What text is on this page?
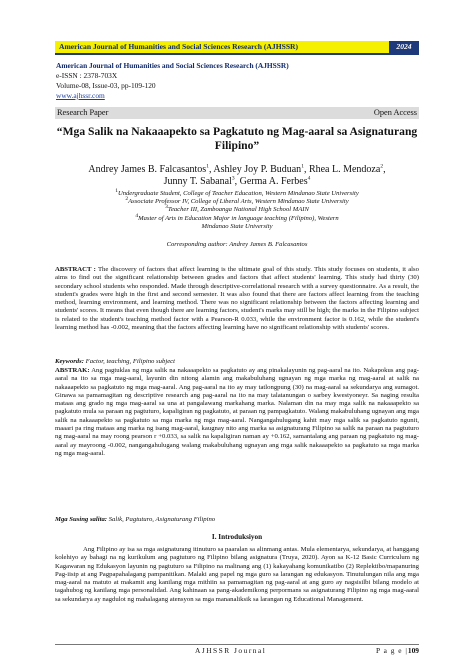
American Journal of Humanities and Social Sciences Research (AJHSSR)	2024
American Journal of Humanities and Social Sciences Research (AJHSSR)
e-ISSN : 2378-703X
Volume-08, Issue-03, pp-109-120
www.ajhssr.com
Research Paper	Open Access
“Mga Salik na Nakaaapekto sa Pagkatuto ng Mag-aaral sa Asignaturang Filipino”
Andrey James B. Falcasantos$^1$, Ashley Joy P. Buduan$^1$, Rhea L. Mendoza$^2$,
Junny T. Sabanal$^3$, Germa A. Ferbes$^4$
$^1$Undergraduate Student, College of Teacher Education, Western Mindanao State University
$^2$Associate Professor IV, College of Liberal Arts, Western Mindanao State University
$^3$Teacher III, Zamboanga National High School MAIN
$^4$Master of Arts in Education Major in language teaching (Filipino), Western
Mindanao State University
Corresponding author: Andrey James B. Falcasantos
ABSTRACT : The discovery of factors that affect learning is the ultimate goal of this study. This study focuses on students, it also aims to find out the significant relationship between grades and factors that affect students' learning. This study had thirty (30) secondary school students who responded. Made through descriptive-correlational research with a survey questionnaire. As a result, the student's grades were high in the first and second semester. It was also found that there are factors affect learning from the teaching method, learning environment, and learning method. There was no significant relationship between the factors affecting learning and students' scores. It means that even though there are learning factors, student's marks may still be high; the marks in the Filipino subject is related to the student's teaching method factor with a Pearson-R 0.033, while the environment factor is 0.162, while the student's learning method has -0.002, meaning that the factors affecting learning have no significant relationship with students' scores.
Keywords: Factor, teaching, Filipino subject
ABSTRAK: Ang pagtuklas ng mga salik na nakaaapekto sa pagkatuto ay ang pinakalayunin ng pag-aaral na ito. Nakapokus ang pag-aaral na ito sa mga mag-aaral, layunin din nitong alamin ang makabuluhang ugnayan ng mga marka ng mag-aaral at salik na nakaaapekto sa pagkatuto ng mga mag-aaral. Ang pag-aaral na ito ay may tatlongpung (30) na mag-aaral sa sekundarya ang sumagot. Ginawa sa pamamagitan ng descriptive research ang pag-aaral na ito na may talatanungan o sarbey kwestyoneyr. Sa naging resulta mataas ang grado ng mga mag-aaral sa una at pangalawang markahang marka. Nalaman din na may mga salik na nakaaapekto sa pagkatuto mula sa paraan ng pagtuturo, kapaligiran ng pagkatuto, at paraan ng pampagkatuto. Walang makabuluhang ugnayan ang mga salik na nakaaapekto sa pagkatuto sa mga marka ng mga mag-aaral. Nangangahulugang kahit may mga salik sa pagkatuto ngunit, maaari pa ring mataas ang marka ng isang mag-aaral, kaugnay nito ang marka sa asignaturang Filipino sa salik na paraan na pagtuturo ng mag-aaral na may roong pearson r +0.033, sa salik na kapaligiran naman ay +0.162, samantalang ang paraan ng pagkatuto ng mag-aaral ay mayroong -0.002, nangangahulugang walang makabuluhang ugnayan ang mga salik nakaaapekto sa pagkatuto sa mga marka ng mga mag-aaral.
Mga Susing salita: Salik, Pagtuturo, Asignaturang Filipino
I. Introduksiyon
Ang Filipino ay isa sa mga asignaturang itinuturo sa paaralan sa alinmang antas. Mula elementarya, sekundarya, at hanggang kolehiyo ay bahagi na ng kurikulum ang pagtuturo ng Filipino bilang asignatura (Truya, 2020). Ayon sa K-12 Basic Curriculum ng Kagawaran ng Edukasyon layunin ng pagtuturo sa Filipino na malinang ang (1) kakayahang komunikatibo (2) Replektibo/mapanuring Pag-iisip at ang Pagpapahalagang pampanitikan. Malaki ang papel ng mga guro sa larangan ng edukasyon. Tinutulungan nila ang mga mag-aaral na matuto at makamit ang kanilang mga mithiin sa pamamagitan ng pag-aaral at ang guro ay nagsisilbi bilang modelo at tagahubog ng kanilang mga personalidad. Ang kahinaan sa pang-akademikong perpormans sa asignaturang Filipino ng mga mag-aaral sa sekundarya ay nagdulot ng mahalagang atensyon sa mga mananaliksik sa larangan ng Educational Management.
AJHSSR Journal	P a g e |109
